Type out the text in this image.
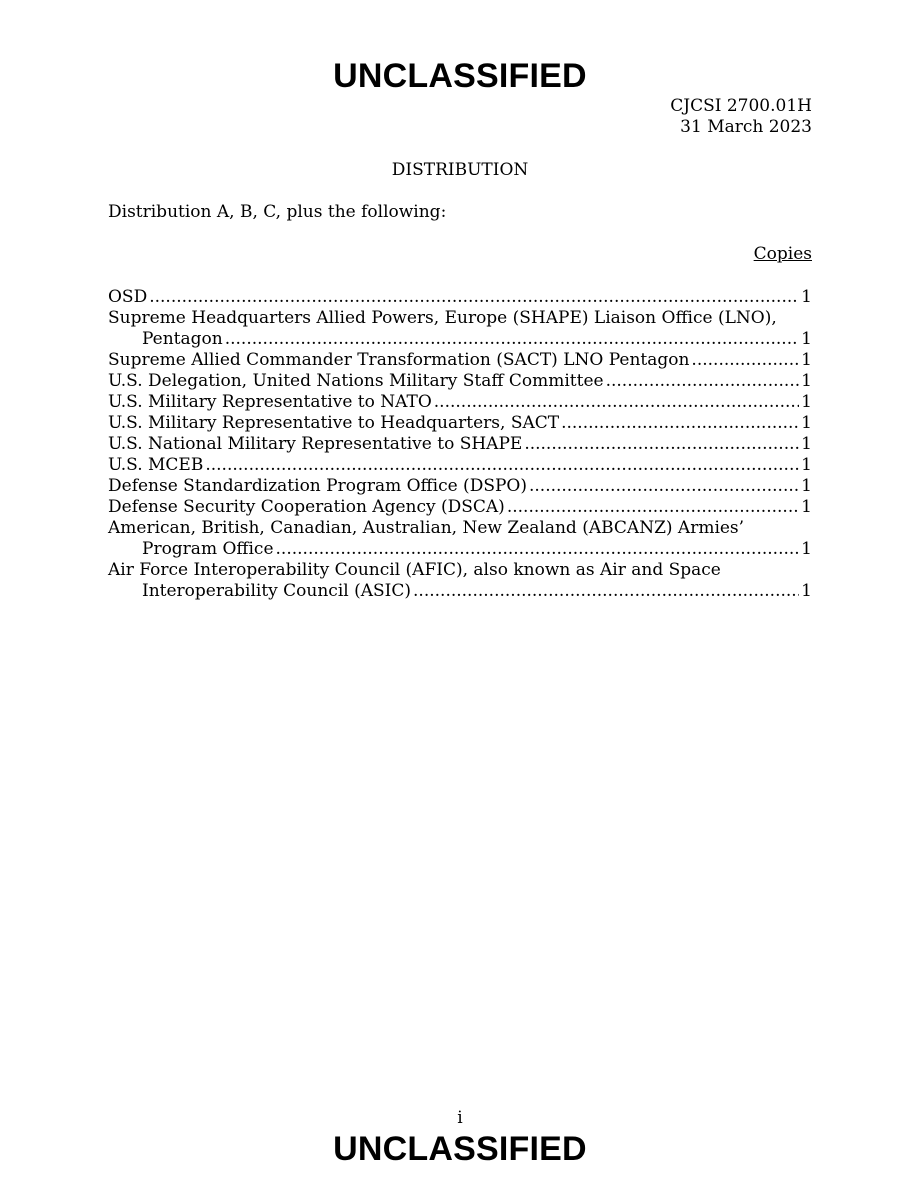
UNCLASSIFIED
CJCSI 2700.01H
31 March 2023
DISTRIBUTION
Distribution A, B, C, plus the following:
Copies
OSD .....	1
Supreme Headquarters Allied Powers, Europe (SHAPE) Liaison Office (LNO),
Pentagon .....	1
Supreme Allied Commander Transformation (SACT) LNO Pentagon .....	1
U.S. Delegation, United Nations Military Staff Committee .....	1
U.S. Military Representative to NATO .....	1
U.S. Military Representative to Headquarters, SACT .....	1
U.S. National Military Representative to SHAPE .....	1
U.S. MCEB .....	1
Defense Standardization Program Office (DSPO) .....	1
Defense Security Cooperation Agency (DSCA) .....	1
American, British, Canadian, Australian, New Zealand (ABCANZ) Armies’
Program Office .....	1
Air Force Interoperability Council (AFIC), also known as Air and Space
Interoperability Council (ASIC) .....	1
i
UNCLASSIFIED
